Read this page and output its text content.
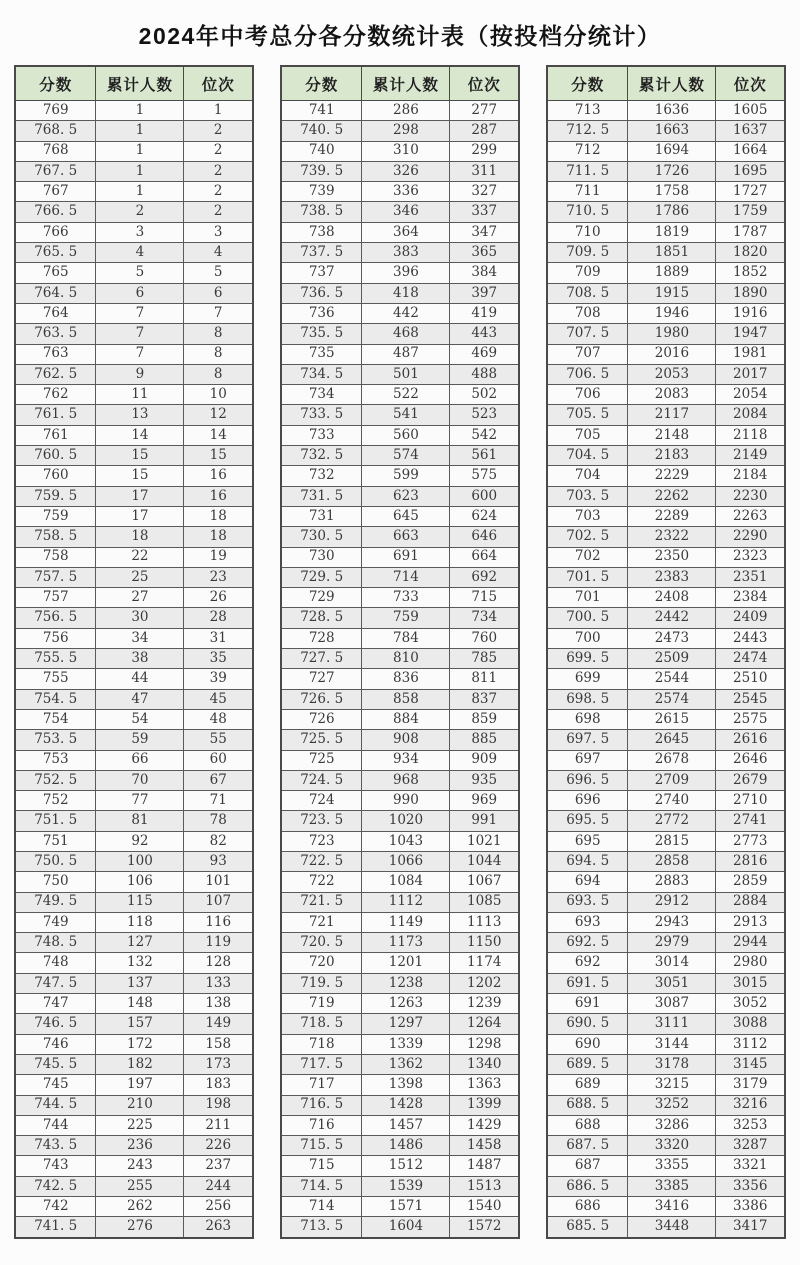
2024年中考总分各分数统计表（按投档分统计）
分数	累计人数	位次
769	1	1
768. 5	1	2
768	1	2
767. 5	1	2
767	1	2
766. 5	2	2
766	3	3
765. 5	4	4
765	5	5
764. 5	6	6
764	7	7
763. 5	7	8
763	7	8
762. 5	9	8
762	11	10
761. 5	13	12
761	14	14
760. 5	15	15
760	15	16
759. 5	17	16
759	17	18
758. 5	18	18
758	22	19
757. 5	25	23
757	27	26
756. 5	30	28
756	34	31
755. 5	38	35
755	44	39
754. 5	47	45
754	54	48
753. 5	59	55
753	66	60
752. 5	70	67
752	77	71
751. 5	81	78
751	92	82
750. 5	100	93
750	106	101
749. 5	115	107
749	118	116
748. 5	127	119
748	132	128
747. 5	137	133
747	148	138
746. 5	157	149
746	172	158
745. 5	182	173
745	197	183
744. 5	210	198
744	225	211
743. 5	236	226
743	243	237
742. 5	255	244
742	262	256
741. 5	276	263
分数	累计人数	位次
741	286	277
740. 5	298	287
740	310	299
739. 5	326	311
739	336	327
738. 5	346	337
738	364	347
737. 5	383	365
737	396	384
736. 5	418	397
736	442	419
735. 5	468	443
735	487	469
734. 5	501	488
734	522	502
733. 5	541	523
733	560	542
732. 5	574	561
732	599	575
731. 5	623	600
731	645	624
730. 5	663	646
730	691	664
729. 5	714	692
729	733	715
728. 5	759	734
728	784	760
727. 5	810	785
727	836	811
726. 5	858	837
726	884	859
725. 5	908	885
725	934	909
724. 5	968	935
724	990	969
723. 5	1020	991
723	1043	1021
722. 5	1066	1044
722	1084	1067
721. 5	1112	1085
721	1149	1113
720. 5	1173	1150
720	1201	1174
719. 5	1238	1202
719	1263	1239
718. 5	1297	1264
718	1339	1298
717. 5	1362	1340
717	1398	1363
716. 5	1428	1399
716	1457	1429
715. 5	1486	1458
715	1512	1487
714. 5	1539	1513
714	1571	1540
713. 5	1604	1572
分数	累计人数	位次
713	1636	1605
712. 5	1663	1637
712	1694	1664
711. 5	1726	1695
711	1758	1727
710. 5	1786	1759
710	1819	1787
709. 5	1851	1820
709	1889	1852
708. 5	1915	1890
708	1946	1916
707. 5	1980	1947
707	2016	1981
706. 5	2053	2017
706	2083	2054
705. 5	2117	2084
705	2148	2118
704. 5	2183	2149
704	2229	2184
703. 5	2262	2230
703	2289	2263
702. 5	2322	2290
702	2350	2323
701. 5	2383	2351
701	2408	2384
700. 5	2442	2409
700	2473	2443
699. 5	2509	2474
699	2544	2510
698. 5	2574	2545
698	2615	2575
697. 5	2645	2616
697	2678	2646
696. 5	2709	2679
696	2740	2710
695. 5	2772	2741
695	2815	2773
694. 5	2858	2816
694	2883	2859
693. 5	2912	2884
693	2943	2913
692. 5	2979	2944
692	3014	2980
691. 5	3051	3015
691	3087	3052
690. 5	3111	3088
690	3144	3112
689. 5	3178	3145
689	3215	3179
688. 5	3252	3216
688	3286	3253
687. 5	3320	3287
687	3355	3321
686. 5	3385	3356
686	3416	3386
685. 5	3448	3417
